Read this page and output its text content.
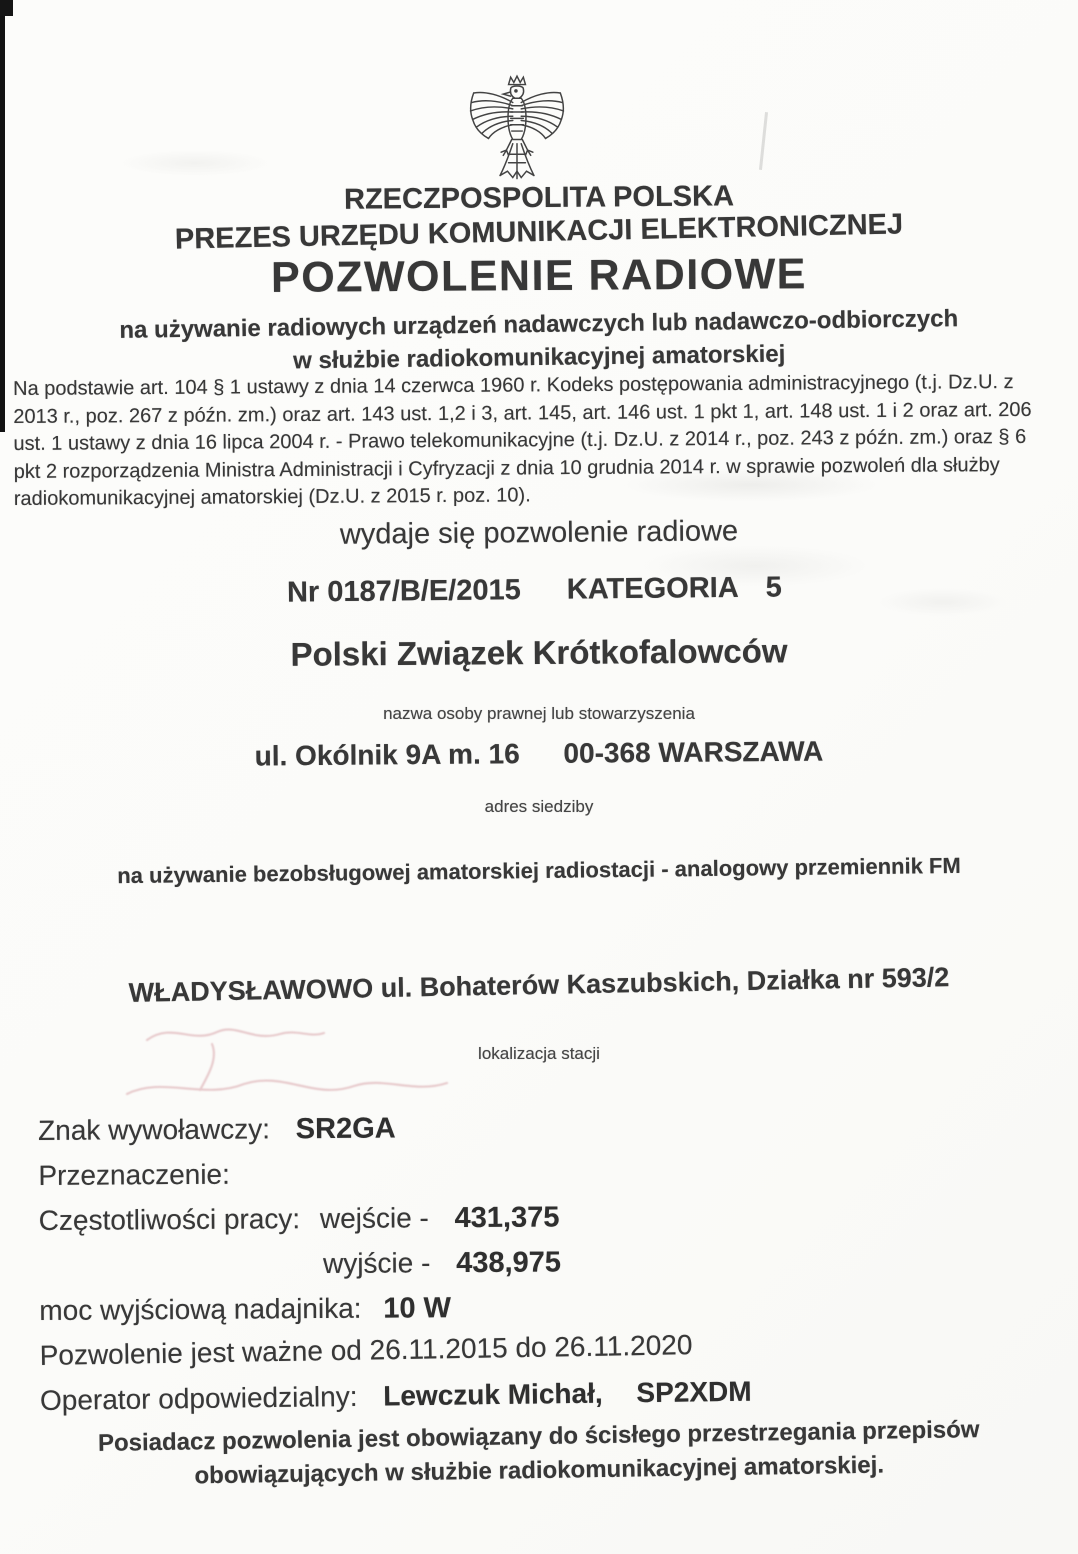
RZECZPOSPOLITA POLSKA
PREZES URZĘDU KOMUNIKACJI ELEKTRONICZNEJ
POZWOLENIE RADIOWE
na używanie radiowych urządzeń nadawczych lub nadawczo-odbiorczych
w służbie radiokomunikacyjnej amatorskiej
Na podstawie art. 104 § 1 ustawy z dnia 14 czerwca 1960 r. Kodeks postępowania administracyjnego (t.j. Dz.U. z
2013 r., poz. 267 z późn. zm.) oraz art. 143 ust. 1,2 i 3, art. 145, art. 146 ust. 1 pkt 1, art. 148 ust. 1 i 2 oraz art. 206
ust. 1 ustawy z dnia 16 lipca 2004 r. - Prawo telekomunikacyjne (t.j. Dz.U. z 2014 r., poz. 243 z późn. zm.) oraz § 6
pkt 2 rozporządzenia Ministra Administracji i Cyfryzacji z dnia 10 grudnia 2014 r. w sprawie pozwoleń dla służby
radiokomunikacyjnej amatorskiej (Dz.U. z 2015 r. poz. 10).
wydaje się pozwolenie radiowe
Nr 0187/B/E/2015 KATEGORIA 5
Polski Związek Krótkofalowców
nazwa osoby prawnej lub stowarzyszenia
ul. Okólnik 9A m. 16 00-368 WARSZAWA
adres siedziby
na używanie bezobsługowej amatorskiej radiostacji - analogowy przemiennik FM
WŁADYSŁAWOWO ul. Bohaterów Kaszubskich, Działka nr 593/2
lokalizacja stacji
Znak wywoławczy: SR2GA
Przeznaczenie:
Częstotliwości pracy: wejście - 431,375
wyjście - 438,975
moc wyjściową nadajnika: 10 W
Pozwolenie jest ważne od 26.11.2015 do 26.11.2020
Operator odpowiedzialny: Lewczuk Michał, SP2XDM
Posiadacz pozwolenia jest obowiązany do ścisłego przestrzegania przepisów
obowiązujących w służbie radiokomunikacyjnej amatorskiej.
